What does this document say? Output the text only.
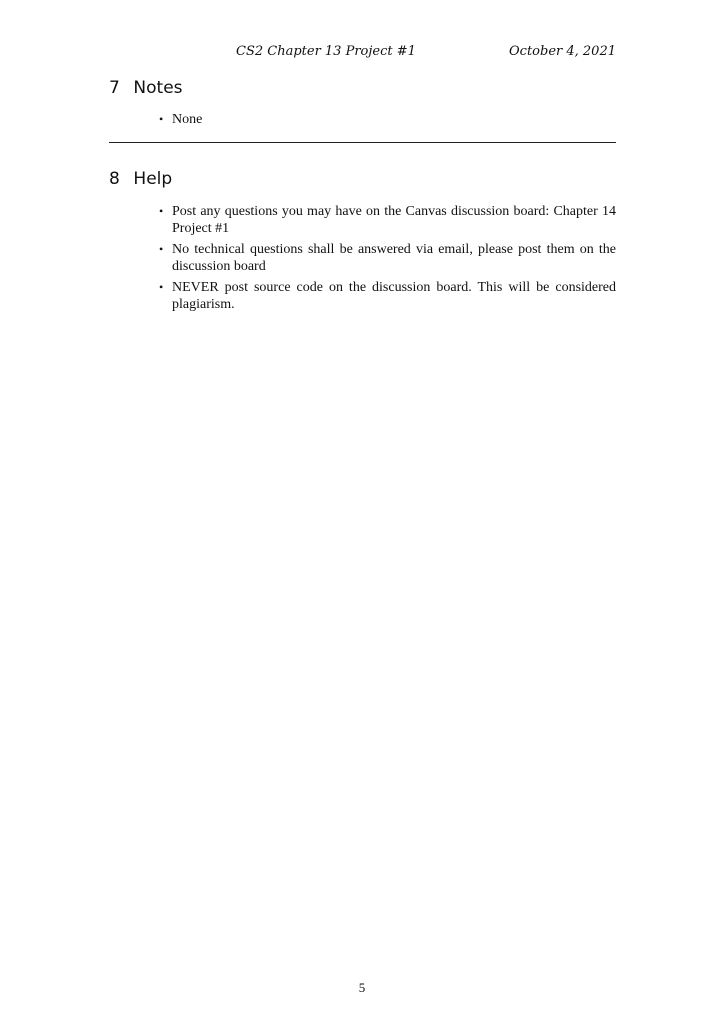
CS2 Chapter 13 Project #1	October 4, 2021
7 Notes
• None
8 Help
• Post any questions you may have on the Canvas discussion board: Chapter 14 Project #1
• No technical questions shall be answered via email, please post them on the discussion board
• NEVER post source code on the discussion board. This will be considered plagiarism.
5
